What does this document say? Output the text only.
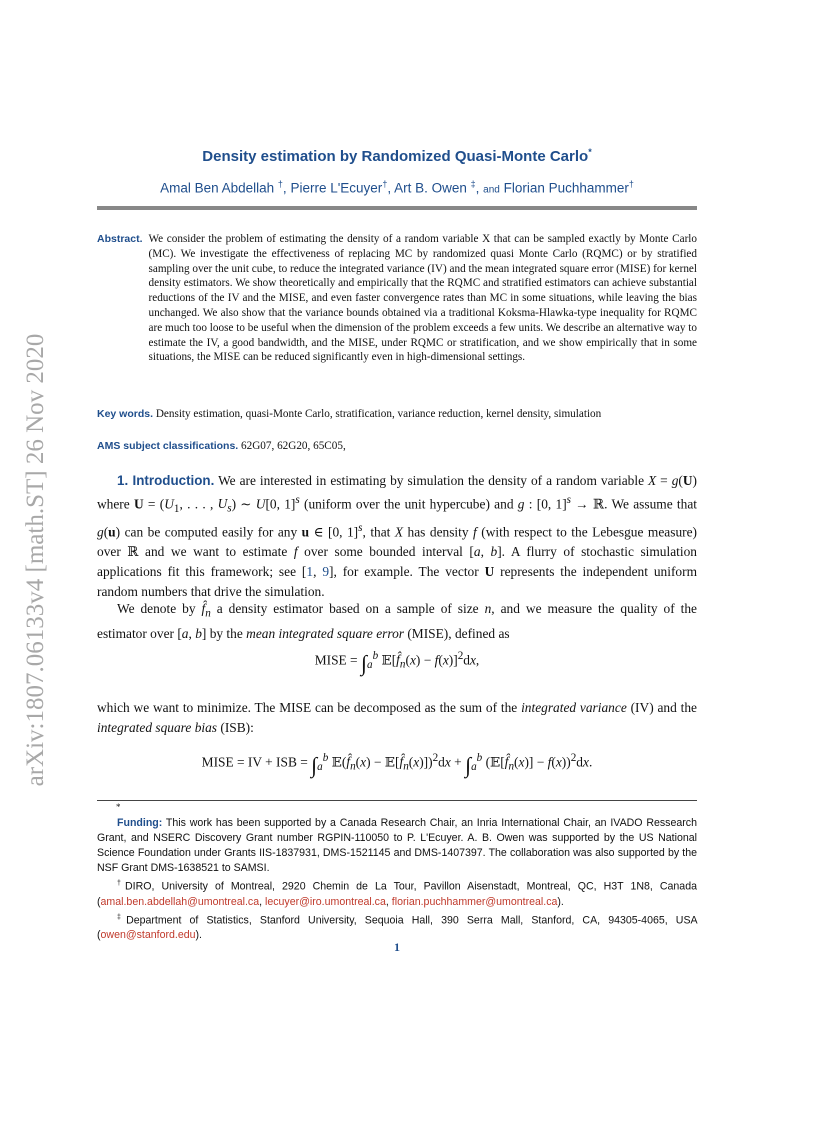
arXiv:1807.06133v4 [math.ST] 26 Nov 2020
Density estimation by Randomized Quasi-Monte Carlo*
Amal Ben Abdellah †, Pierre L'Ecuyer†, Art B. Owen ‡, and Florian Puchhammer†
Abstract. We consider the problem of estimating the density of a random variable X that can be sampled exactly by Monte Carlo (MC). We investigate the effectiveness of replacing MC by randomized quasi Monte Carlo (RQMC) or by stratified sampling over the unit cube, to reduce the integrated variance (IV) and the mean integrated square error (MISE) for kernel density estimators. We show theoretically and empirically that the RQMC and stratified estimators can achieve substantial reductions of the IV and the MISE, and even faster convergence rates than MC in some situations, while leaving the bias unchanged. We also show that the variance bounds obtained via a traditional Koksma-Hlawka-type inequality for RQMC are much too loose to be useful when the dimension of the problem exceeds a few units. We describe an alternative way to estimate the IV, a good bandwidth, and the MISE, under RQMC or stratification, and we show empirically that in some situations, the MISE can be reduced significantly even in high-dimensional settings.
Key words. Density estimation, quasi-Monte Carlo, stratification, variance reduction, kernel density, simulation
AMS subject classifications. 62G07, 62G20, 65C05,
1. Introduction. We are interested in estimating by simulation the density of a random variable X = g(U) where $U = (U_1$, . . . , $U_s$) ∼ U[0, 1]$^s$ (uniform over the unit hypercube) and g : [0, 1]$^s$ → ℝ. We assume that g(u) can be computed easily for any u ∈ [0, 1]$^s$, that X has density f (with respect to the Lebesgue measure) over ℝ and we want to estimate f over some bounded interval [a, b]. A flurry of stochastic simulation applications fit this framework; see [1, 9], for example. The vector U represents the independent uniform random numbers that drive the simulation.
We denote by $f̂_n$ a density estimator based on a sample of size n, and we measure the quality of the estimator over [a, b] by the mean integrated square error (MISE), defined as
MISE = $\int_a^b$ $𝔼[f̂_n(x) - f(x)]^2dx$,
which we want to minimize. The MISE can be decomposed as the sum of the integrated variance (IV) and the integrated square bias (ISB):
MISE = IV + ISB = $\int_a^b$ $𝔼(f̂_n(x)$ − $𝔼[f̂_n(x)])^2dx + \int_a^b$ $(𝔼[f̂_n(x)] - f(x))^2dx$.
*

Funding: This work has been supported by a Canada Research Chair, an Inria International Chair, an IVADO Ressearch Grant, and NSERC Discovery Grant number RGPIN-110050 to P. L'Ecuyer. A. B. Owen was supported by the US National Science Foundation under Grants IIS-1837931, DMS-1521145 and DMS-1407397. The collaboration was also supported by the NSF Grant DMS-1638521 to SAMSI.

†DIRO, University of Montreal, 2920 Chemin de La Tour, Pavillon Aisenstadt, Montreal, QC, H3T 1N8, Canada (amal.ben.abdellah@umontreal.ca, lecuyer@iro.umontreal.ca, florian.puchhammer@umontreal.ca).

‡Department of Statistics, Stanford University, Sequoia Hall, 390 Serra Mall, Stanford, CA, 94305-4065, USA (owen@stanford.edu).

1
